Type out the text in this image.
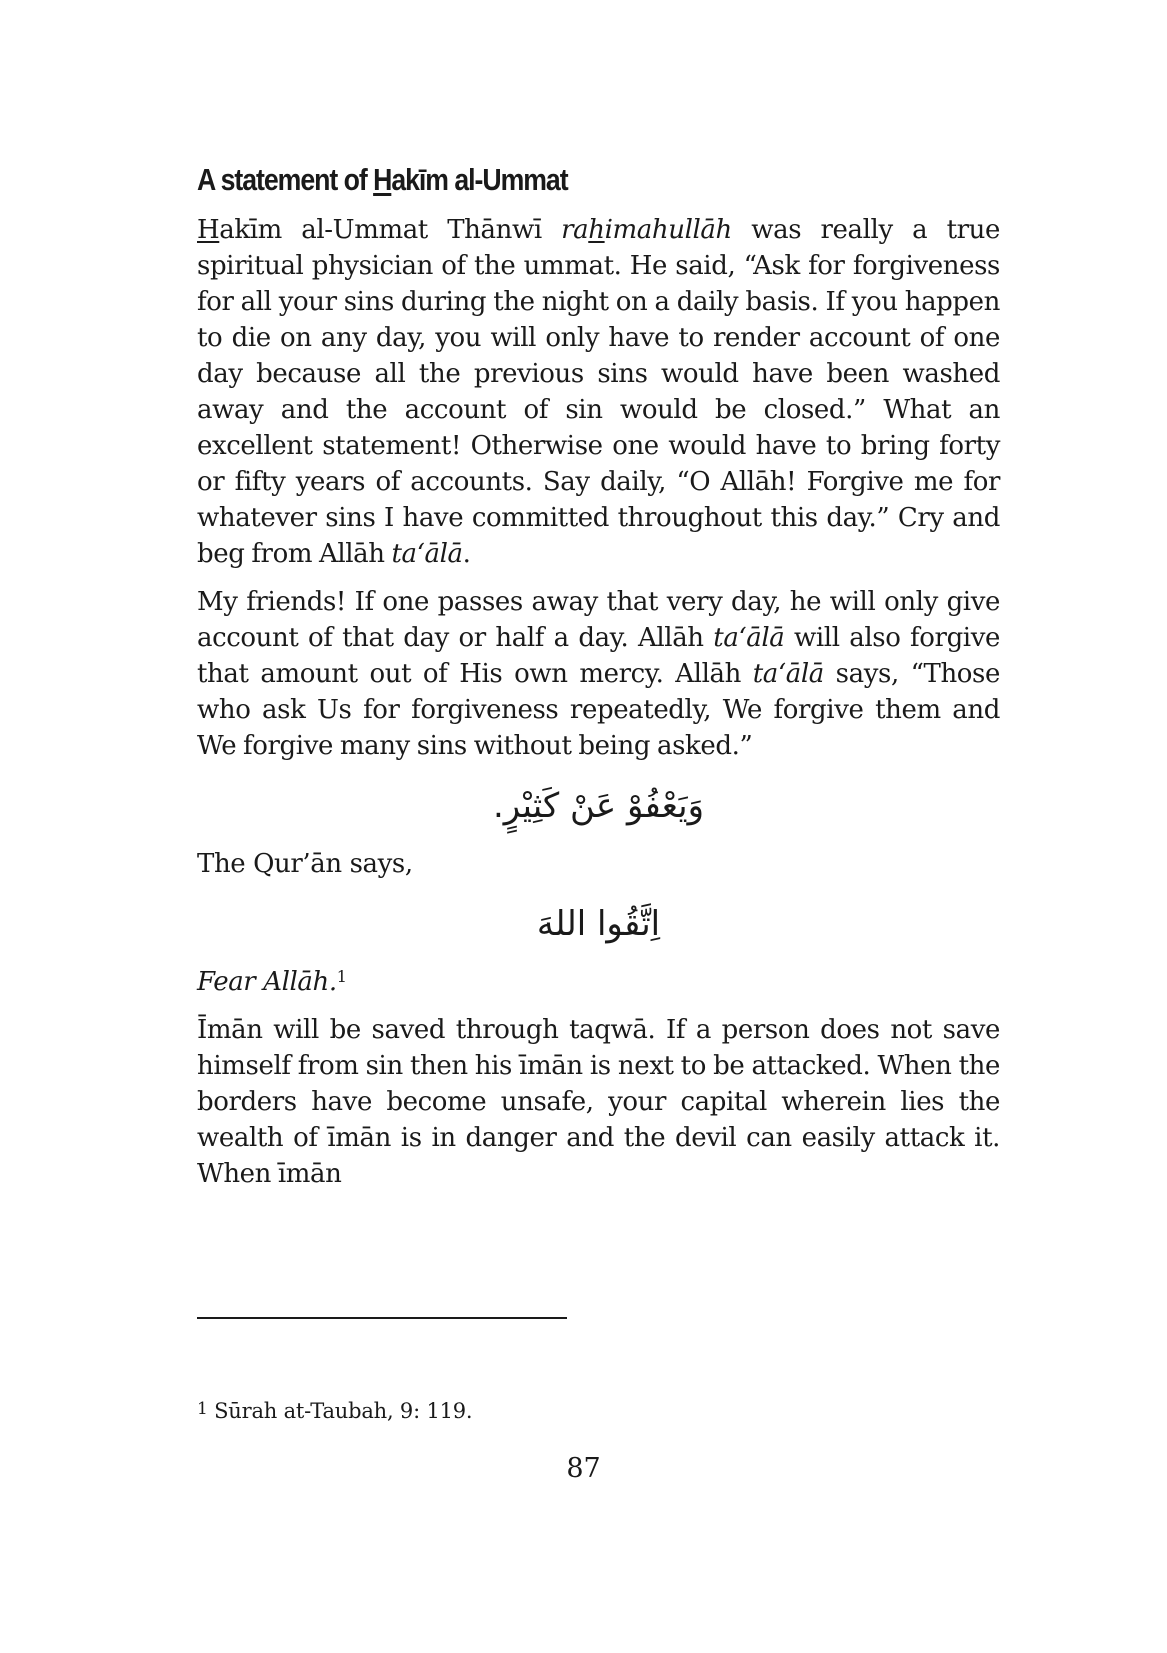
A statement of Hakīm al-Ummat

Hakīm al-Ummat Thānwī rahimahullāh was really a true spiritual physician of the ummat. He said, “Ask for forgiveness for all your sins during the night on a daily basis. If you happen to die on any day, you will only have to render account of one day because all the previous sins would have been washed away and the account of sin would be closed.” What an excellent statement! Otherwise one would have to bring forty or fifty years of accounts. Say daily, “O Allāh! Forgive me for whatever sins I have committed throughout this day.” Cry and beg from Allāh ta‘ālā.

My friends! If one passes away that very day, he will only give account of that day or half a day. Allāh ta‘ālā will also forgive that amount out of His own mercy. Allāh ta‘ālā says, “Those who ask Us for forgiveness repeatedly, We forgive them and We forgive many sins without being asked.”

وَيَعْفُوْ عَنْ كَثِيْرٍ.

The Qur’ān says,

اِتَّقُوا اللهَ

Fear Allāh.$^1$

Īmān will be saved through taqwā. If a person does not save himself from sin then his īmān is next to be attacked. When the borders have become unsafe, your capital wherein lies the wealth of īmān is in danger and the devil can easily attack it. When īmān

1 Sūrah at-Taubah, 9: 119.

87
